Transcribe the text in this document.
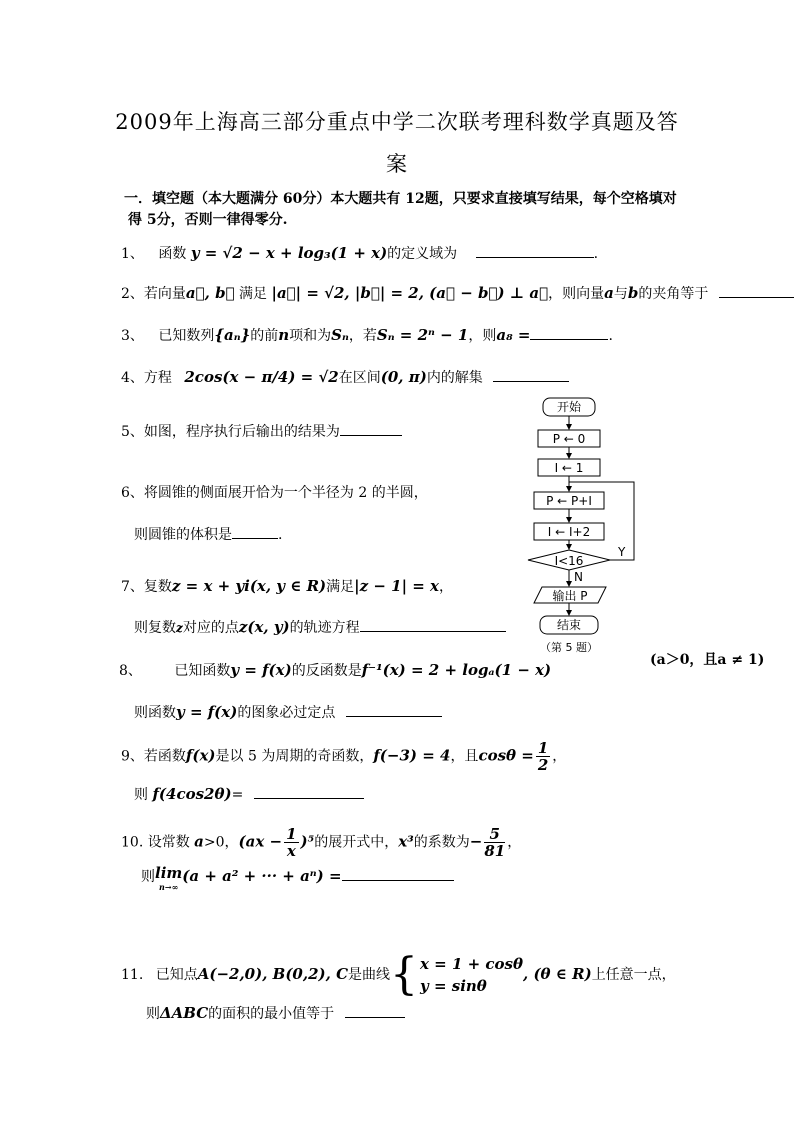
2009年上海高三部分重点中学二次联考理科数学真题及答
案
一．填空题（本大题满分 60分）本大题共有 12题，只要求直接填写结果，每个空格填对
得 5分，否则一律得零分.
1、 函数 y = √2 − x + log₃(1 + x)的定义域为	.
2、若向量a⃗, b⃗ 满足 |a⃗| = √2, |b⃗| = 2, (a⃗ − b⃗) ⊥ a⃗，则向量a与b的夹角等于
3、 已知数列{aₙ}的前n项和为Sₙ，若Sₙ = 2ⁿ − 1，则a₈ =	.
4、方程 2cos(x − π/4) = √2在区间(0, π)内的解集
5、如图，程序执行后输出的结果为
6、将圆锥的侧面展开恰为一个半径为 2 的半圆，
则圆锥的体积是	.
7、复数z = x + yi(x, y ∈ R)满足|z − 1| = x，
则复数z对应的点z(x, y)的轨迹方程
8、 已知函数y = f(x)的反函数是f⁻¹(x) = 2 + logₐ(1 − x)
(a＞0，且a ≠ 1)
则函数y = f(x)的图象必过定点
9、若函数f(x)是以 5 为周期的奇函数，f(−3) = 4，且$\cos\theta = \frac{1}{2}$ ，
则 f(4cos2θ)=
10. 设常数 a>0，$(ax - \frac{1}{x} )^5$的展开式中，x³的系数为− $\frac{5}{81}$ ，
则 lim
n→∞
(a + a² + ··· + aⁿ) =
11. 已知点A(−2,0), B(0,2), C是曲线{ x = 1 + cosθ
y = sinθ
, (θ ∈ R)上任意一点，
则ΔABC的面积的最小值等于
开始
P ← 0
I ← 1
P ← P+I
I ← I+2
I<16
Y
N
输出 P
结束
（第 5 题）
